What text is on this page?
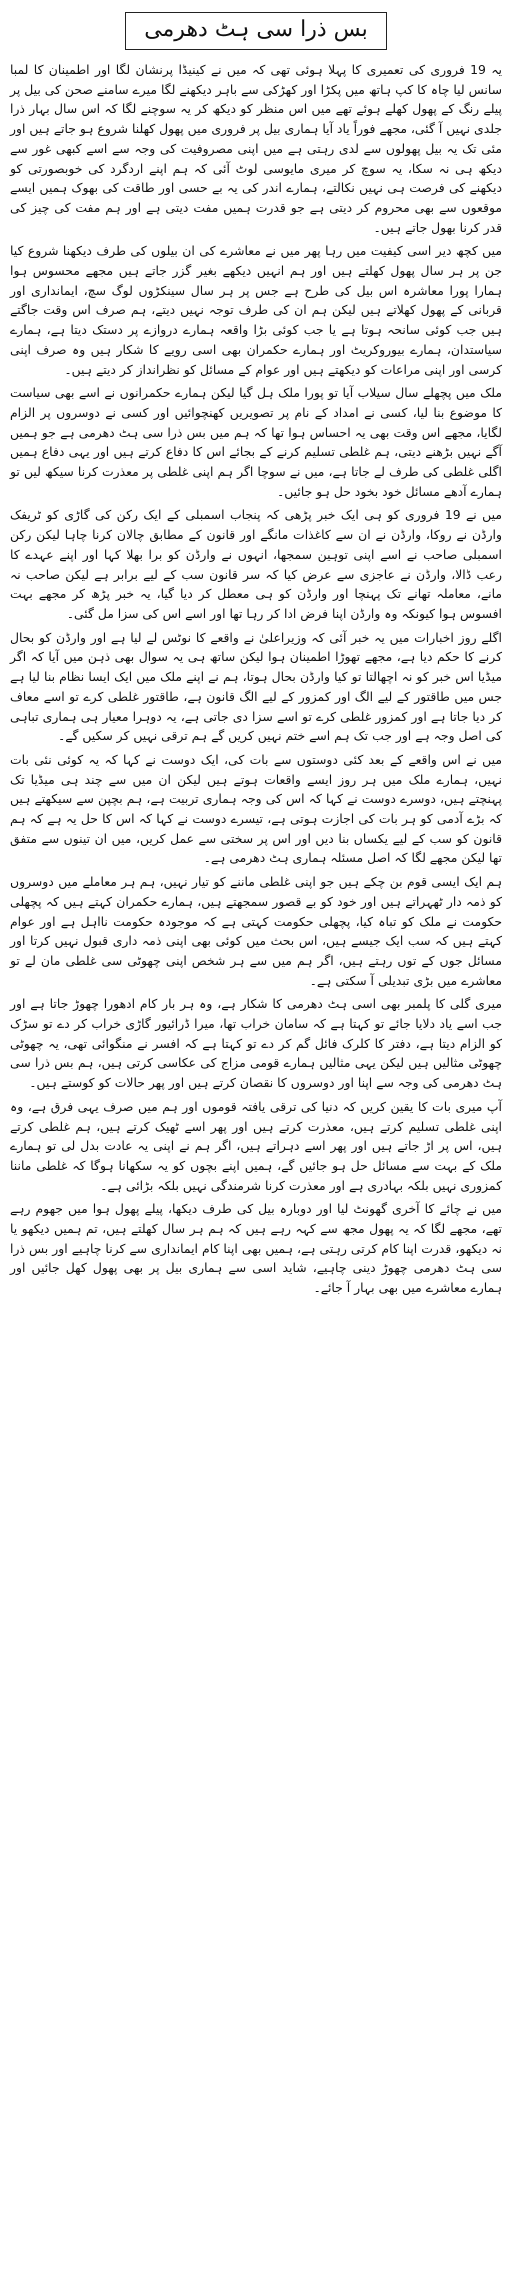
بس ذرا سی ہٹ دھرمی

یہ 19 فروری کی تعمیری کا پہلا ہوئی تھی کہ میں نے کینیڈا پرنشان لگا اور اطمینان کا لمبا سانس لیا چاہ کا کپ ہاتھ میں پکڑا اور کھڑکی سے باہر دیکھنے لگا میرے سامنے صحن کی بیل پر پیلے رنگ کے پھول کھلے ہوئے تھے میں اس منظر کو دیکھ کر یہ سوچنے لگا کہ اس سال بہار ذرا جلدی نہیں آ گئی، مجھے فوراً یاد آیا ہماری بیل پر فروری میں پھول کھلنا شروع ہو جاتے ہیں اور مئی تک یہ بیل پھولوں سے لدی رہتی ہے میں اپنی مصروفیت کی وجہ سے اسے کبھی غور سے دیکھ ہی نہ سکا، یہ سوچ کر میری مایوسی لوٹ آئی کہ ہم اپنے اردگرد کی خوبصورتی کو دیکھنے کی فرصت ہی نہیں نکالتے، ہمارے اندر کی یہ بے حسی اور طاقت کی بھوک ہمیں ایسے موقعوں سے بھی محروم کر دیتی ہے جو قدرت ہمیں مفت دیتی ہے اور ہم مفت کی چیز کی قدر کرنا بھول جاتے ہیں۔

میں کچھ دیر اسی کیفیت میں رہا پھر میں نے معاشرے کی ان بیلوں کی طرف دیکھنا شروع کیا جن پر ہر سال پھول کھلتے ہیں اور ہم انہیں دیکھے بغیر گزر جاتے ہیں مجھے محسوس ہوا ہمارا پورا معاشرہ اس بیل کی طرح ہے جس پر ہر سال سینکڑوں لوگ سچ، ایمانداری اور قربانی کے پھول کھلاتے ہیں لیکن ہم ان کی طرف توجہ نہیں دیتے، ہم صرف اس وقت جاگتے ہیں جب کوئی سانحہ ہوتا ہے یا جب کوئی بڑا واقعہ ہمارے دروازے پر دستک دیتا ہے، ہمارے سیاستدان، ہمارے بیوروکریٹ اور ہمارے حکمران بھی اسی رویے کا شکار ہیں وہ صرف اپنی کرسی اور اپنی مراعات کو دیکھتے ہیں اور عوام کے مسائل کو نظرانداز کر دیتے ہیں۔

ملک میں پچھلے سال سیلاب آیا تو پورا ملک ہل گیا لیکن ہمارے حکمرانوں نے اسے بھی سیاست کا موضوع بنا لیا، کسی نے امداد کے نام پر تصویریں کھنچوائیں اور کسی نے دوسروں پر الزام لگایا، مجھے اس وقت بھی یہ احساس ہوا تھا کہ ہم میں بس ذرا سی ہٹ دھرمی ہے جو ہمیں آگے نہیں بڑھنے دیتی، ہم غلطی تسلیم کرنے کے بجائے اس کا دفاع کرتے ہیں اور یہی دفاع ہمیں اگلی غلطی کی طرف لے جاتا ہے، میں نے سوچا اگر ہم اپنی غلطی پر معذرت کرنا سیکھ لیں تو ہمارے آدھے مسائل خود بخود حل ہو جائیں۔

میں نے 19 فروری کو ہی ایک خبر پڑھی کہ پنجاب اسمبلی کے ایک رکن کی گاڑی کو ٹریفک وارڈن نے روکا، وارڈن نے ان سے کاغذات مانگے اور قانون کے مطابق چالان کرنا چاہا لیکن رکن اسمبلی صاحب نے اسے اپنی توہین سمجھا، انہوں نے وارڈن کو برا بھلا کہا اور اپنے عہدے کا رعب ڈالا، وارڈن نے عاجزی سے عرض کیا کہ سر قانون سب کے لیے برابر ہے لیکن صاحب نہ مانے، معاملہ تھانے تک پہنچا اور وارڈن کو ہی معطل کر دیا گیا، یہ خبر پڑھ کر مجھے بہت افسوس ہوا کیونکہ وہ وارڈن اپنا فرض ادا کر رہا تھا اور اسے اس کی سزا مل گئی۔

اگلے روز اخبارات میں یہ خبر آئی کہ وزیراعلیٰ نے واقعے کا نوٹس لے لیا ہے اور وارڈن کو بحال کرنے کا حکم دیا ہے، مجھے تھوڑا اطمینان ہوا لیکن ساتھ ہی یہ سوال بھی ذہن میں آیا کہ اگر میڈیا اس خبر کو نہ اچھالتا تو کیا وارڈن بحال ہوتا، ہم نے اپنے ملک میں ایک ایسا نظام بنا لیا ہے جس میں طاقتور کے لیے الگ اور کمزور کے لیے الگ قانون ہے، طاقتور غلطی کرے تو اسے معاف کر دیا جاتا ہے اور کمزور غلطی کرے تو اسے سزا دی جاتی ہے، یہ دوہرا معیار ہی ہماری تباہی کی اصل وجہ ہے اور جب تک ہم اسے ختم نہیں کریں گے ہم ترقی نہیں کر سکیں گے۔

میں نے اس واقعے کے بعد کئی دوستوں سے بات کی، ایک دوست نے کہا کہ یہ کوئی نئی بات نہیں، ہمارے ملک میں ہر روز ایسے واقعات ہوتے ہیں لیکن ان میں سے چند ہی میڈیا تک پہنچتے ہیں، دوسرے دوست نے کہا کہ اس کی وجہ ہماری تربیت ہے، ہم بچپن سے سیکھتے ہیں کہ بڑے آدمی کو ہر بات کی اجازت ہوتی ہے، تیسرے دوست نے کہا کہ اس کا حل یہ ہے کہ ہم قانون کو سب کے لیے یکساں بنا دیں اور اس پر سختی سے عمل کریں، میں ان تینوں سے متفق تھا لیکن مجھے لگا کہ اصل مسئلہ ہماری ہٹ دھرمی ہے۔

ہم ایک ایسی قوم بن چکے ہیں جو اپنی غلطی ماننے کو تیار نہیں، ہم ہر معاملے میں دوسروں کو ذمہ دار ٹھہراتے ہیں اور خود کو بے قصور سمجھتے ہیں، ہمارے حکمران کہتے ہیں کہ پچھلی حکومت نے ملک کو تباہ کیا، پچھلی حکومت کہتی ہے کہ موجودہ حکومت نااہل ہے اور عوام کہتے ہیں کہ سب ایک جیسے ہیں، اس بحث میں کوئی بھی اپنی ذمہ داری قبول نہیں کرتا اور مسائل جوں کے توں رہتے ہیں، اگر ہم میں سے ہر شخص اپنی چھوٹی سی غلطی مان لے تو معاشرے میں بڑی تبدیلی آ سکتی ہے۔

میری گلی کا پلمبر بھی اسی ہٹ دھرمی کا شکار ہے، وہ ہر بار کام ادھورا چھوڑ جاتا ہے اور جب اسے یاد دلایا جائے تو کہتا ہے کہ سامان خراب تھا، میرا ڈرائیور گاڑی خراب کر دے تو سڑک کو الزام دیتا ہے، دفتر کا کلرک فائل گم کر دے تو کہتا ہے کہ افسر نے منگوائی تھی، یہ چھوٹی چھوٹی مثالیں ہیں لیکن یہی مثالیں ہمارے قومی مزاج کی عکاسی کرتی ہیں، ہم بس ذرا سی ہٹ دھرمی کی وجہ سے اپنا اور دوسروں کا نقصان کرتے ہیں اور پھر حالات کو کوستے ہیں۔

آپ میری بات کا یقین کریں کہ دنیا کی ترقی یافتہ قوموں اور ہم میں صرف یہی فرق ہے، وہ اپنی غلطی تسلیم کرتے ہیں، معذرت کرتے ہیں اور پھر اسے ٹھیک کرتے ہیں، ہم غلطی کرتے ہیں، اس پر اڑ جاتے ہیں اور پھر اسے دہراتے ہیں، اگر ہم نے اپنی یہ عادت بدل لی تو ہمارے ملک کے بہت سے مسائل حل ہو جائیں گے، ہمیں اپنے بچوں کو یہ سکھانا ہوگا کہ غلطی ماننا کمزوری نہیں بلکہ بہادری ہے اور معذرت کرنا شرمندگی نہیں بلکہ بڑائی ہے۔

میں نے چائے کا آخری گھونٹ لیا اور دوبارہ بیل کی طرف دیکھا، پیلے پھول ہوا میں جھوم رہے تھے، مجھے لگا کہ یہ پھول مجھ سے کہہ رہے ہیں کہ ہم ہر سال کھلتے ہیں، تم ہمیں دیکھو یا نہ دیکھو، قدرت اپنا کام کرتی رہتی ہے، ہمیں بھی اپنا کام ایمانداری سے کرنا چاہیے اور بس ذرا سی ہٹ دھرمی چھوڑ دینی چاہیے، شاید اسی سے ہماری بیل پر بھی پھول کھل جائیں اور ہمارے معاشرے میں بھی بہار آ جائے۔
